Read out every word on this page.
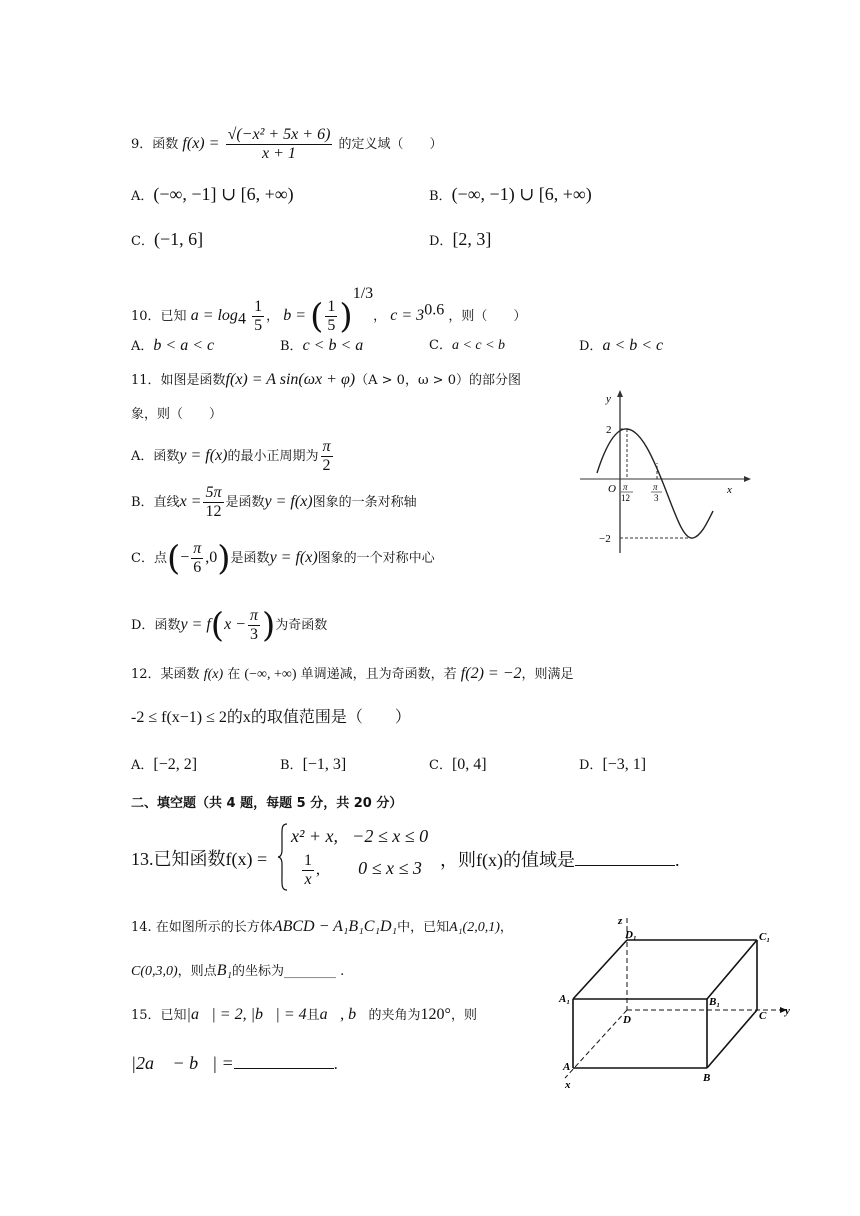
9．函数 $f(x) = \frac{\text{√(−x² + 5x + 6)}}{x + 1}$ 的定义域（　　）
A．(−∞, −1] ∪ [6, +∞)	B．(−∞, −1) ∪ [6, +∞)
C．(−1, 6]	D．[2, 3]
10．已知 $a = \log_4 \frac{1}{5}$ ， b = ( $\frac{1}{5} )^{1/3}$， $c = 3^{0.6}$ ，则（　　）
A．b < a < c	B．c < b < a	C．a < c < b	D．a < b < c
11．如图是函数f(x) = A sin(ωx + φ)（A > 0，ω > 0）的部分图
象，则（　　）
A．函数y = f(x)的最小正周期为 $\frac{\pi}{2}$
B．直线$x = \frac{5\pi}{12}$ 是函数y = f(x)图象的一条对称轴
C．点(− $\frac{\pi}{6} ,0$)是函数y = f(x)图象的一个对称中心
D．函数$y = f(x - \frac{\pi}{3}$ )为奇函数
y
x
O
2
−2
π
12
π
3
12．某函数 f(x) 在 (−∞, +∞) 单调递减，且为奇函数，若 f(2) = −2，则满足
-2 ≤ f(x−1) ≤ 2的x的取值范围是（　　）
A．[−2, 2]	B．[−1, 3]	C．[0, 4]	D．[−3, 1]
二、填空题（共 4 题，每题 5 分，共 20 分）
13.已知函数f(x) =
x² + x, −2 ≤ x ≤ 0
$\frac{1}{x}$ , 0 ≤ x ≤ 3 ，则f(x)的值域是	.
14. 在如图所示的长方体ABCD − A₁B₁C₁D₁中，已知A₁(2,0,1)，
C(0,3,0)，则点B₁的坐标为________ .
z
D₁	C₁
A₁	B₁
D	C y
A
B
x
15．已知|a⃗| = 2, |b⃗| = 4且a⃗, b⃗的夹角为120°，则
|2a⃗ − b⃗| =	.
